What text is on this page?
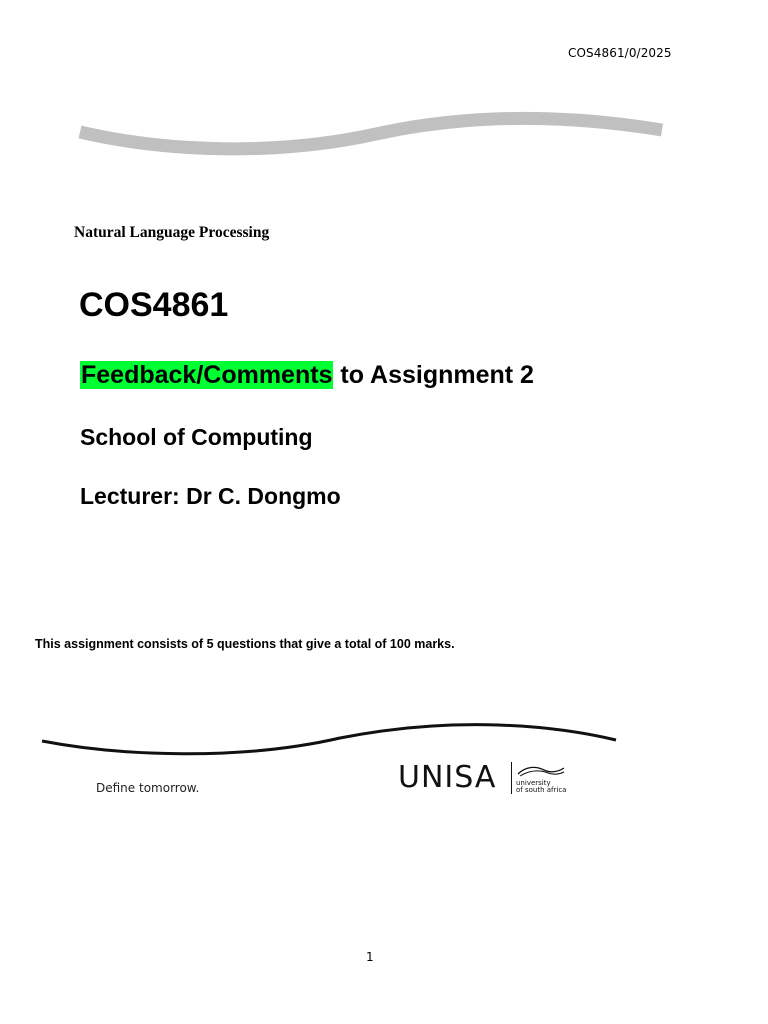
COS4861/0/2025
Natural Language Processing
COS4861
Feedback/Comments to Assignment 2
School of Computing
Lecturer: Dr C. Dongmo
This assignment consists of 5 questions that give a total of 100 marks.
Define tomorrow.	UNISA	university
of south africa
1
